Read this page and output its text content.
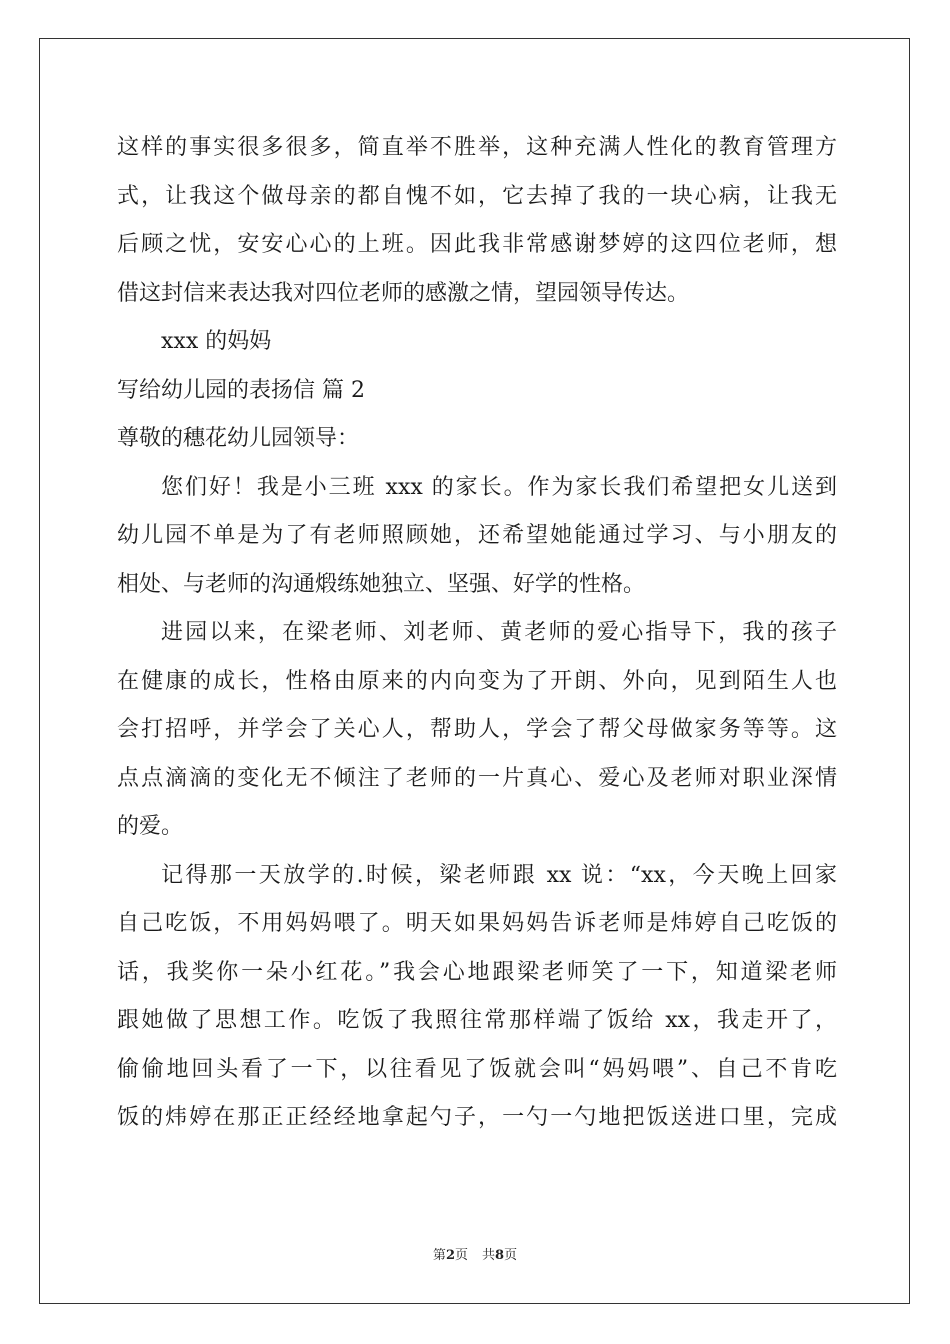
这样的事实很多很多，简直举不胜举，这种充满人性化的教育管理方
式，让我这个做母亲的都自愧不如，它去掉了我的一块心病，让我无
后顾之忧，安安心心的上班。因此我非常感谢梦婷的这四位老师，想
借这封信来表达我对四位老师的感激之情，望园领导传达。
xxx 的妈妈
写给幼儿园的表扬信 篇 2
尊敬的穗花幼儿园领导：
您们好！我是小三班 xxx 的家长。作为家长我们希望把女儿送到
幼儿园不单是为了有老师照顾她，还希望她能通过学习、与小朋友的
相处、与老师的沟通煅练她独立、坚强、好学的性格。
进园以来，在梁老师、刘老师、黄老师的爱心指导下，我的孩子
在健康的成长，性格由原来的内向变为了开朗、外向，见到陌生人也
会打招呼，并学会了关心人，帮助人，学会了帮父母做家务等等。这
点点滴滴的变化无不倾注了老师的一片真心、爱心及老师对职业深情
的爱。
记得那一天放学的.时候，梁老师跟 xx 说：“xx，今天晚上回家
自己吃饭，不用妈妈喂了。明天如果妈妈告诉老师是炜婷自己吃饭的
话，我奖你一朵小红花。”我会心地跟梁老师笑了一下，知道梁老师
跟她做了思想工作。吃饭了我照往常那样端了饭给 xx，我走开了，
偷偷地回头看了一下，以往看见了饭就会叫“妈妈喂”、自己不肯吃
饭的炜婷在那正正经经地拿起勺子，一勺一勺地把饭送进口里，完成
第2页 共8页
